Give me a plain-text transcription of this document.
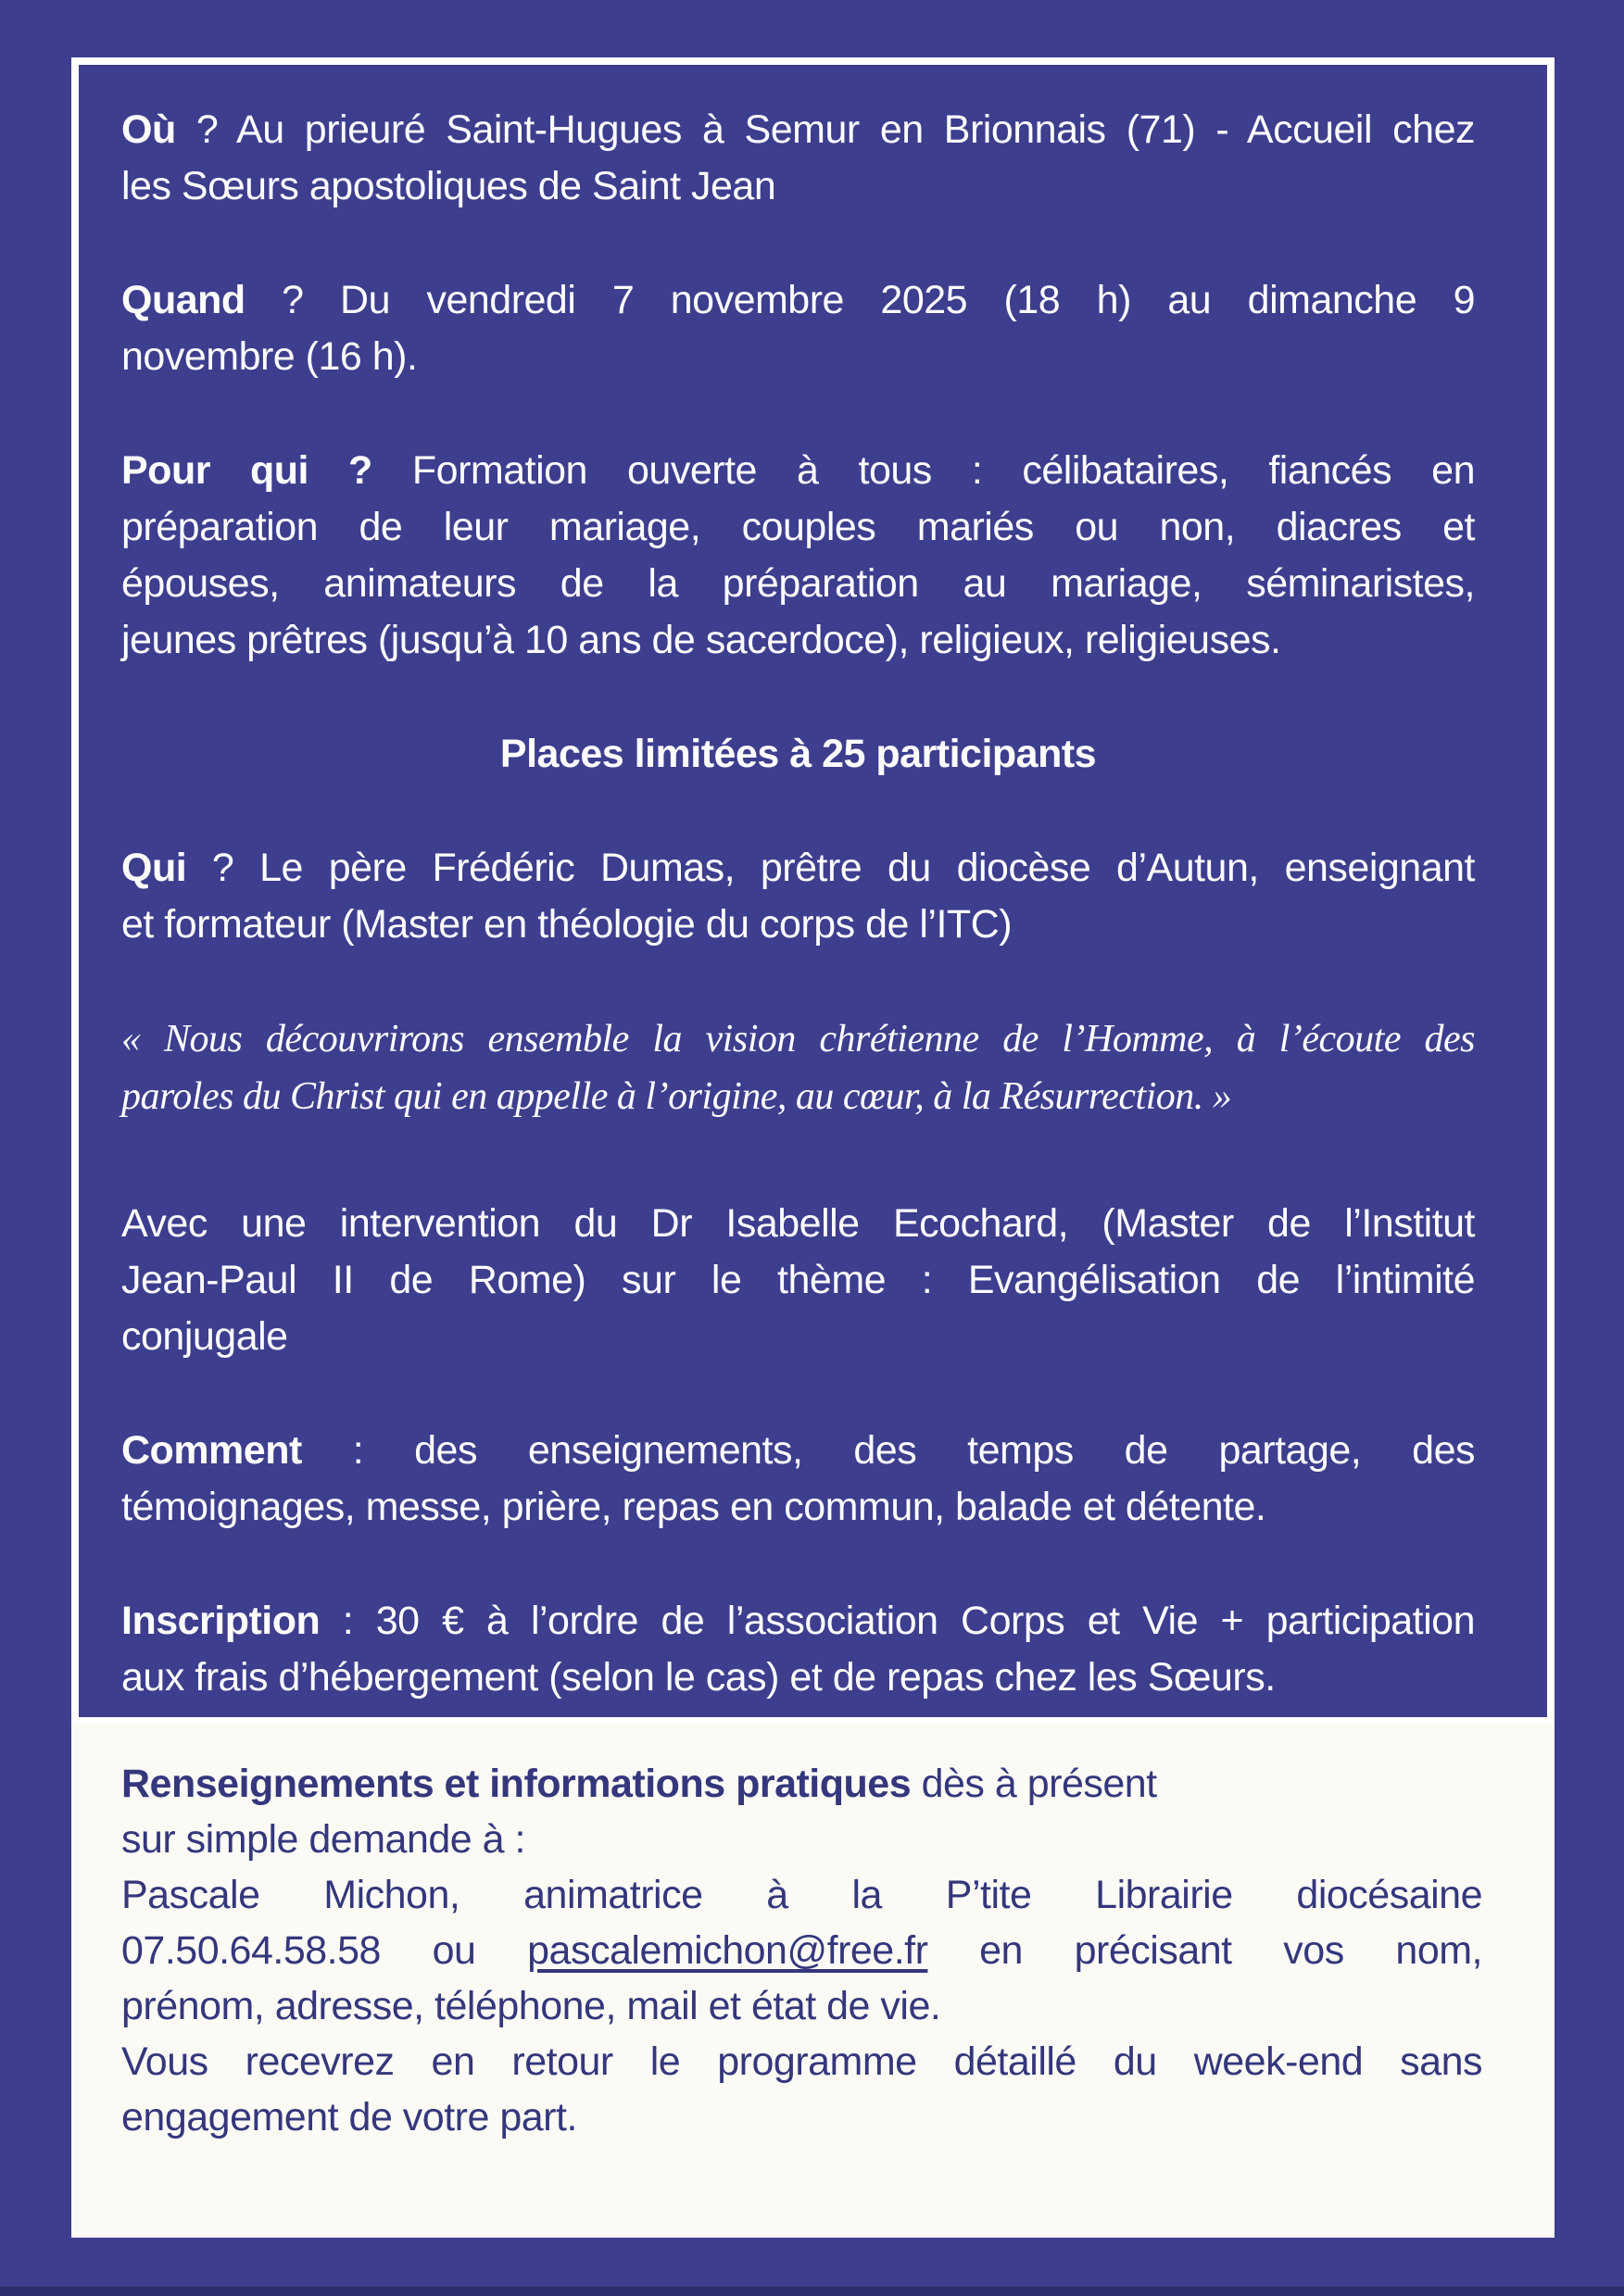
Où ? Au prieuré Saint-Hugues à Semur en Brionnais (71) - Accueil chez
les Sœurs apostoliques de Saint Jean
Quand ? Du vendredi 7 novembre 2025 (18 h) au dimanche 9
novembre (16 h).
Pour qui ? Formation ouverte à tous : célibataires, fiancés en
préparation de leur mariage, couples mariés ou non, diacres et
épouses, animateurs de la préparation au mariage, séminaristes,
jeunes prêtres (jusqu’à 10 ans de sacerdoce), religieux, religieuses.
Places limitées à 25 participants
Qui ? Le père Frédéric Dumas, prêtre du diocèse d’Autun, enseignant
et formateur (Master en théologie du corps de l’ITC)
« Nous découvrirons ensemble la vision chrétienne de l’Homme, à l’écoute des
paroles du Christ qui en appelle à l’origine, au cœur, à la Résurrection. »
Avec une intervention du Dr Isabelle Ecochard, (Master de l’Institut
Jean-Paul II de Rome) sur le thème : Evangélisation de l’intimité
conjugale
Comment : des enseignements, des temps de partage, des
témoignages, messe, prière, repas en commun, balade et détente.
Inscription : 30 € à l’ordre de l’association Corps et Vie + participation
aux frais d’hébergement (selon le cas) et de repas chez les Sœurs.
Renseignements et informations pratiques dès à présent
sur simple demande à :
Pascale Michon, animatrice à la P’tite Librairie diocésaine
07.50.64.58.58 ou pascalemichon@free.fr en précisant vos nom,
prénom, adresse, téléphone, mail et état de vie.
Vous recevrez en retour le programme détaillé du week-end sans
engagement de votre part.
